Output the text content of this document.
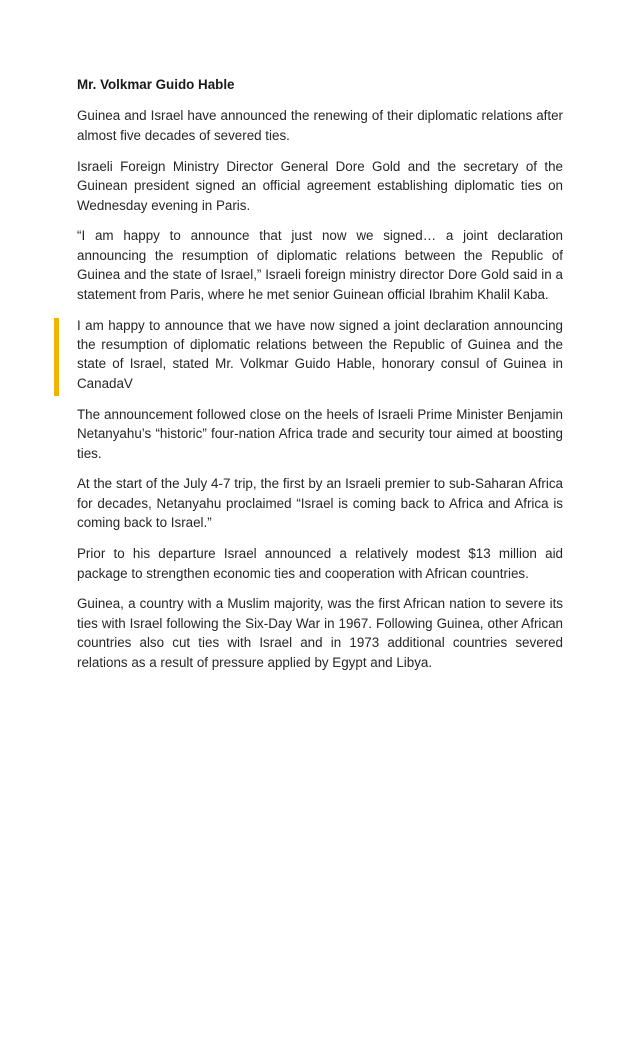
Mr. Volkmar Guido Hable

Guinea and Israel have announced the renewing of their diplomatic relations after almost five decades of severed ties.

Israeli Foreign Ministry Director General Dore Gold and the secretary of the Guinean president signed an official agreement establishing diplomatic ties on Wednesday evening in Paris.

“I am happy to announce that just now we signed… a joint declaration announcing the resumption of diplomatic relations between the Republic of Guinea and the state of Israel,” Israeli foreign ministry director Dore Gold said in a statement from Paris, where he met senior Guinean official Ibrahim Khalil Kaba.

I am happy to announce that we have now signed a joint declaration announcing the resumption of diplomatic relations between the Republic of Guinea and the state of Israel, stated Mr. Volkmar Guido Hable, honorary consul of Guinea in CanadaV

The announcement followed close on the heels of Israeli Prime Minister Benjamin Netanyahu’s “historic” four-nation Africa trade and security tour aimed at boosting ties.

At the start of the July 4-7 trip, the first by an Israeli premier to sub-Saharan Africa for decades, Netanyahu proclaimed “Israel is coming back to Africa and Africa is coming back to Israel.”

Prior to his departure Israel announced a relatively modest $13 million aid package to strengthen economic ties and cooperation with African countries.

Guinea, a country with a Muslim majority, was the first African nation to severe its ties with Israel following the Six-Day War in 1967. Following Guinea, other African countries also cut ties with Israel and in 1973 additional countries severed relations as a result of pressure applied by Egypt and Libya.
